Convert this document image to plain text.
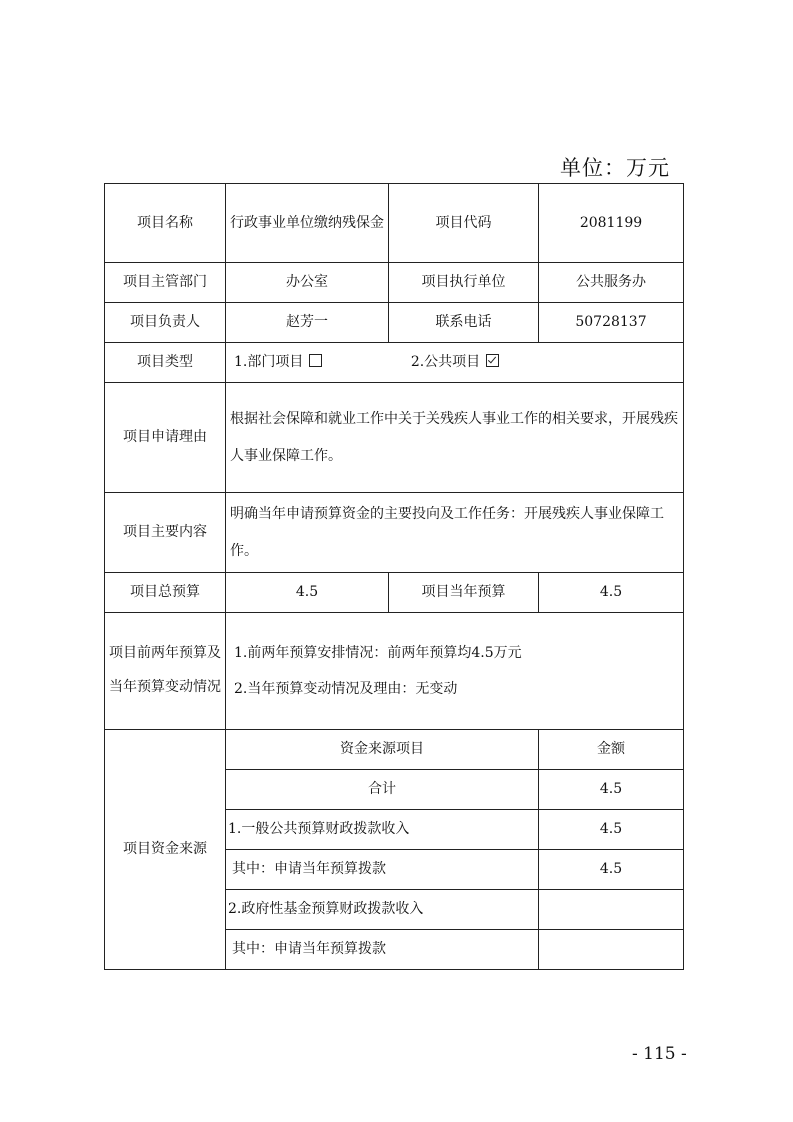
单位：万元
项目名称	行政事业单位缴纳残保金	项目代码	2081199
项目主管部门	办公室	项目执行单位	公共服务办
项目负责人	赵芳一	联系电话	50728137
项目类型	1.部门项目 2.公共项目		
项目申请理由	根据社会保障和就业工作中关于关残疾人事业工作的相关要求，开展残疾人事业保障工作。		
项目主要内容	明确当年申请预算资金的主要投向及工作任务：开展残疾人事业保障工作。		
项目总预算	4.5	项目当年预算	4.5
项目前两年预算及当年预算变动情况	1.前两年预算安排情况：前两年预算均4.5万元
2.当年预算变动情况及理由：无变动		

项目资金来源	资金来源项目		金额
	合计		4.5
	1.一般公共预算财政拨款收入		4.5
	其中：申请当年预算拨款		4.5
	2.政府性基金预算财政拨款收入		
	其中：申请当年预算拨款		
- 115 -
